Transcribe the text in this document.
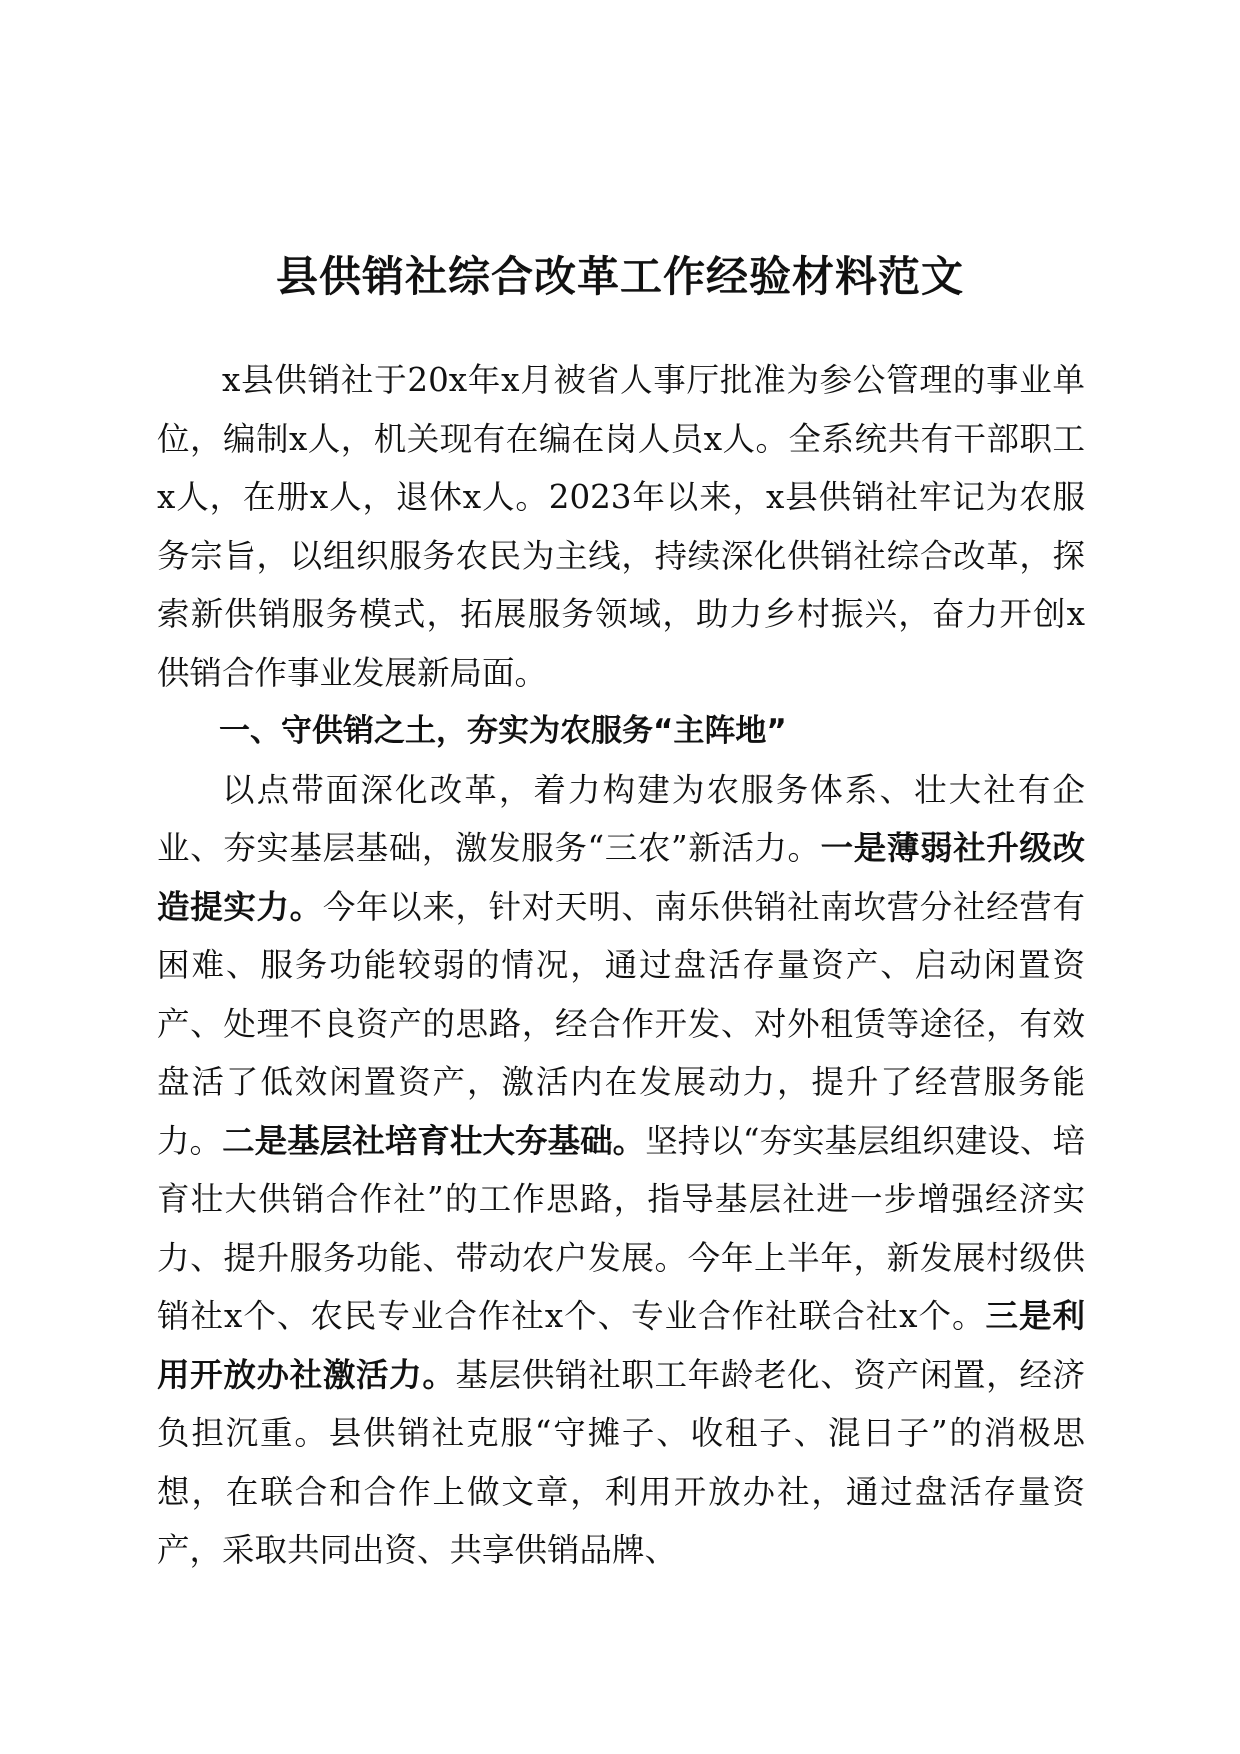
县供销社综合改革工作经验材料范文

x县供销社于20x年x月被省人事厅批准为参公管理的事业单位，编制x人，机关现有在编在岗人员x人。全系统共有干部职工x人，在册x人，退休x人。2023年以来，x县供销社牢记为农服务宗旨，以组织服务农民为主线，持续深化供销社综合改革，探索新供销服务模式，拓展服务领域，助力乡村振兴，奋力开创x供销合作事业发展新局面。

一、守供销之土，夯实为农服务“主阵地”

以点带面深化改革，着力构建为农服务体系、壮大社有企业、夯实基层基础，激发服务“三农”新活力。一是薄弱社升级改造提实力。今年以来，针对天明、南乐供销社南坎营分社经营有困难、服务功能较弱的情况，通过盘活存量资产、启动闲置资产、处理不良资产的思路，经合作开发、对外租赁等途径，有效盘活了低效闲置资产，激活内在发展动力，提升了经营服务能力。二是基层社培育壮大夯基础。坚持以“夯实基层组织建设、培育壮大供销合作社”的工作思路，指导基层社进一步增强经济实力、提升服务功能、带动农户发展。今年上半年，新发展村级供销社x个、农民专业合作社x个、专业合作社联合社x个。三是利用开放办社激活力。基层供销社职工年龄老化、资产闲置，经济负担沉重。县供销社克服“守摊子、收租子、混日子”的消极思想，在联合和合作上做文章，利用开放办社，通过盘活存量资产，采取共同出资、共享供销品牌、
